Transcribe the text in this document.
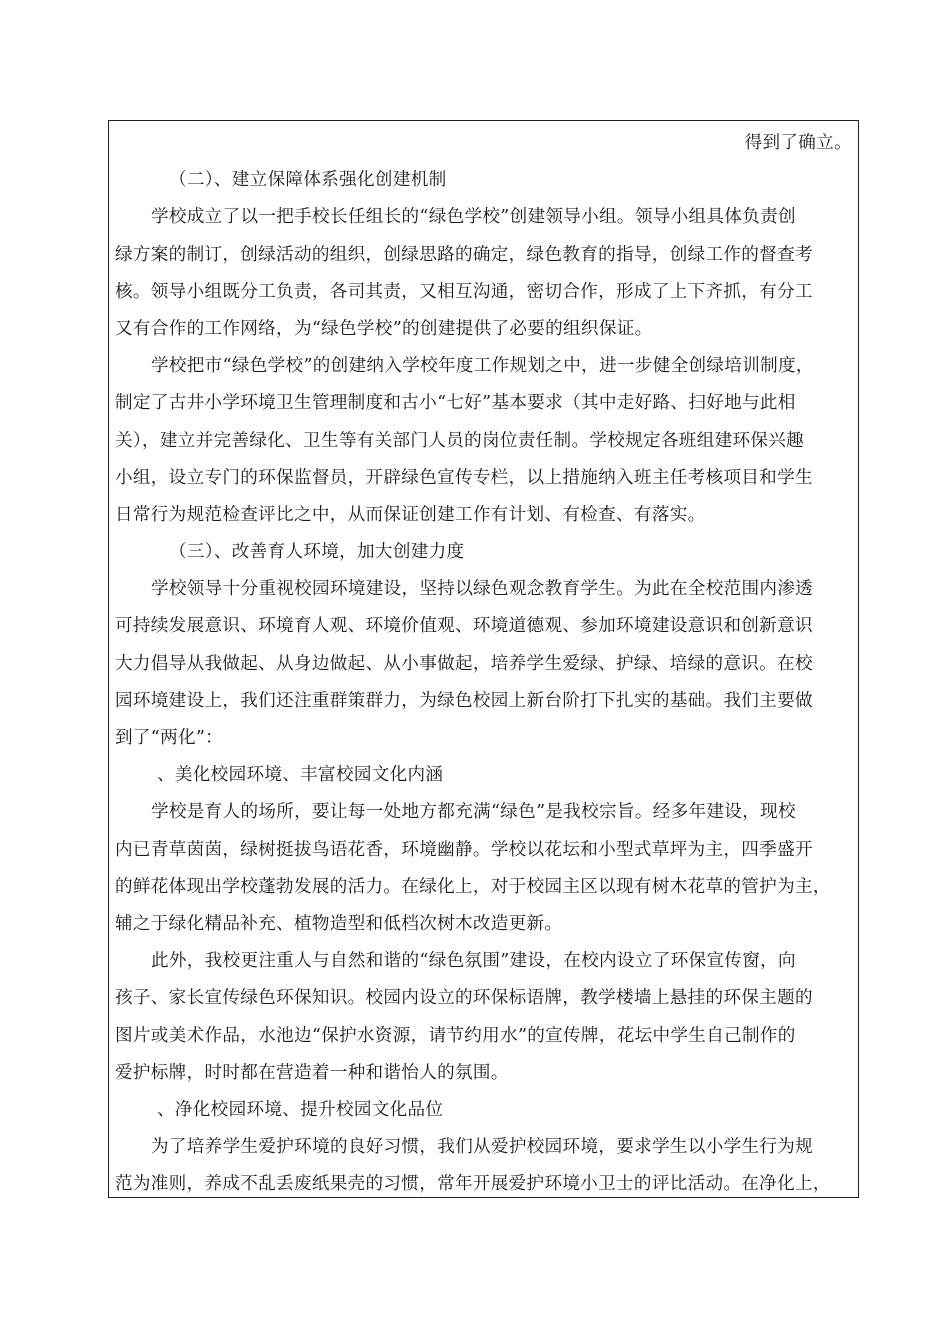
得到了确立。
（二）、建立保障体系强化创建机制
学校成立了以一把手校长任组长的“绿色学校”创建领导小组。领导小组具体负责创
绿方案的制订，创绿活动的组织，创绿思路的确定，绿色教育的指导，创绿工作的督查考
核。领导小组既分工负责，各司其责，又相互沟通，密切合作，形成了上下齐抓，有分工
又有合作的工作网络，为“绿色学校”的创建提供了必要的组织保证。
学校把市“绿色学校”的创建纳入学校年度工作规划之中，进一步健全创绿培训制度，
制定了古井小学环境卫生管理制度和古小“七好”基本要求（其中走好路、扫好地与此相
关），建立并完善绿化、卫生等有关部门人员的岗位责任制。学校规定各班组建环保兴趣
小组，设立专门的环保监督员，开辟绿色宣传专栏，以上措施纳入班主任考核项目和学生
日常行为规范检查评比之中，从而保证创建工作有计划、有检查、有落实。
（三）、改善育人环境，加大创建力度
学校领导十分重视校园环境建设，坚持以绿色观念教育学生。为此在全校范围内渗透
可持续发展意识、环境育人观、环境价值观、环境道德观、参加环境建设意识和创新意识
大力倡导从我做起、从身边做起、从小事做起，培养学生爱绿、护绿、培绿的意识。在校
园环境建设上，我们还注重群策群力，为绿色校园上新台阶打下扎实的基础。我们主要做
到了“两化”：
、美化校园环境、丰富校园文化内涵
学校是育人的场所，要让每一处地方都充满“绿色”是我校宗旨。经多年建设，现校
内已青草茵茵，绿树挺拔鸟语花香，环境幽静。学校以花坛和小型式草坪为主，四季盛开
的鲜花体现出学校蓬勃发展的活力。在绿化上，对于校园主区以现有树木花草的管护为主，
辅之于绿化精品补充、植物造型和低档次树木改造更新。
此外，我校更注重人与自然和谐的“绿色氛围”建设，在校内设立了环保宣传窗，向
孩子、家长宣传绿色环保知识。校园内设立的环保标语牌，教学楼墙上悬挂的环保主题的
图片或美术作品，水池边“保护水资源，请节约用水”的宣传牌，花坛中学生自己制作的
爱护标牌，时时都在营造着一种和谐怡人的氛围。
、净化校园环境、提升校园文化品位
为了培养学生爱护环境的良好习惯，我们从爱护校园环境，要求学生以小学生行为规
范为准则，养成不乱丢废纸果壳的习惯，常年开展爱护环境小卫士的评比活动。在净化上，
